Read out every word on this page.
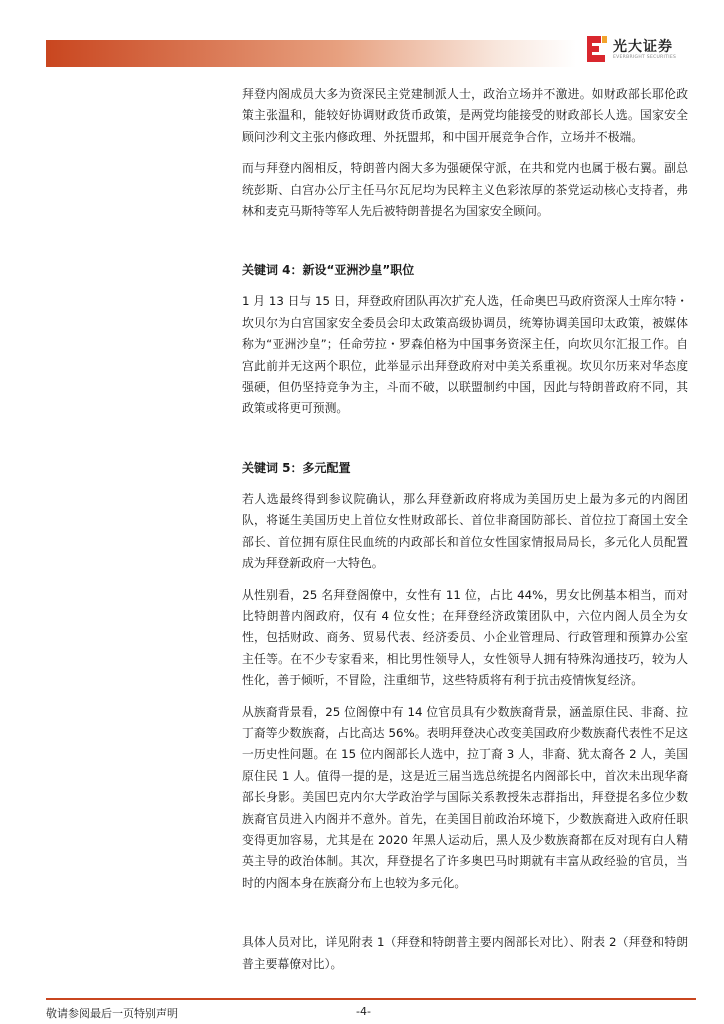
光大证券
EVERBRIGHT SECURITIES

拜登内阁成员大多为资深民主党建制派人士，政治立场并不激进。如财政部长耶伦政策主张温和，能较好协调财政货币政策，是两党均能接受的财政部长人选。国家安全顾问沙利文主张内修政理、外抚盟邦，和中国开展竞争合作，立场并不极端。

而与拜登内阁相反，特朗普内阁大多为强硬保守派，在共和党内也属于极右翼。副总统彭斯、白宫办公厅主任马尔瓦尼均为民粹主义色彩浓厚的茶党运动核心支持者，弗林和麦克马斯特等军人先后被特朗普提名为国家安全顾问。

关键词 4：新设“亚洲沙皇”职位

1 月 13 日与 15 日，拜登政府团队再次扩充人选，任命奥巴马政府资深人士库尔特・坎贝尔为白宫国家安全委员会印太政策高级协调员，统筹协调美国印太政策，被媒体称为“亚洲沙皇”；任命劳拉・罗森伯格为中国事务资深主任，向坎贝尔汇报工作。自宫此前并无这两个职位，此举显示出拜登政府对中美关系重视。坎贝尔历来对华态度强硬，但仍坚持竞争为主，斗而不破，以联盟制约中国，因此与特朗普政府不同，其政策或将更可预测。

关键词 5：多元配置

若人选最终得到参议院确认，那么拜登新政府将成为美国历史上最为多元的内阁团队，将诞生美国历史上首位女性财政部长、首位非裔国防部长、首位拉丁裔国土安全部长、首位拥有原住民血统的内政部长和首位女性国家情报局局长，多元化人员配置成为拜登新政府一大特色。

从性别看，25 名拜登阁僚中，女性有 11 位，占比 44%，男女比例基本相当，而对比特朗普内阁政府，仅有 4 位女性；在拜登经济政策团队中，六位内阁人员全为女性，包括财政、商务、贸易代表、经济委员、小企业管理局、行政管理和预算办公室主任等。在不少专家看来，相比男性领导人，女性领导人拥有特殊沟通技巧，较为人性化，善于倾听，不冒险，注重细节，这些特质将有利于抗击疫情恢复经济。

从族裔背景看，25 位阁僚中有 14 位官员具有少数族裔背景，涵盖原住民、非裔、拉丁裔等少数族裔，占比高达 56%。表明拜登决心改变美国政府少数族裔代表性不足这一历史性问题。在 15 位内阁部长人选中，拉丁裔 3 人，非裔、犹太裔各 2 人，美国原住民 1 人。值得一提的是，这是近三届当选总统提名内阁部长中，首次未出现华裔部长身影。美国巴克内尔大学政治学与国际关系教授朱志群指出，拜登提名多位少数族裔官员进入内阁并不意外。首先，在美国目前政治环境下，少数族裔进入政府任职变得更加容易，尤其是在 2020 年黑人运动后，黑人及少数族裔都在反对现有白人精英主导的政治体制。其次，拜登提名了许多奥巴马时期就有丰富从政经验的官员，当时的内阁本身在族裔分布上也较为多元化。

具体人员对比，详见附表 1（拜登和特朗普主要内阁部长对比）、附表 2（拜登和特朗普主要幕僚对比）。

敬请参阅最后一页特别声明	-4-
